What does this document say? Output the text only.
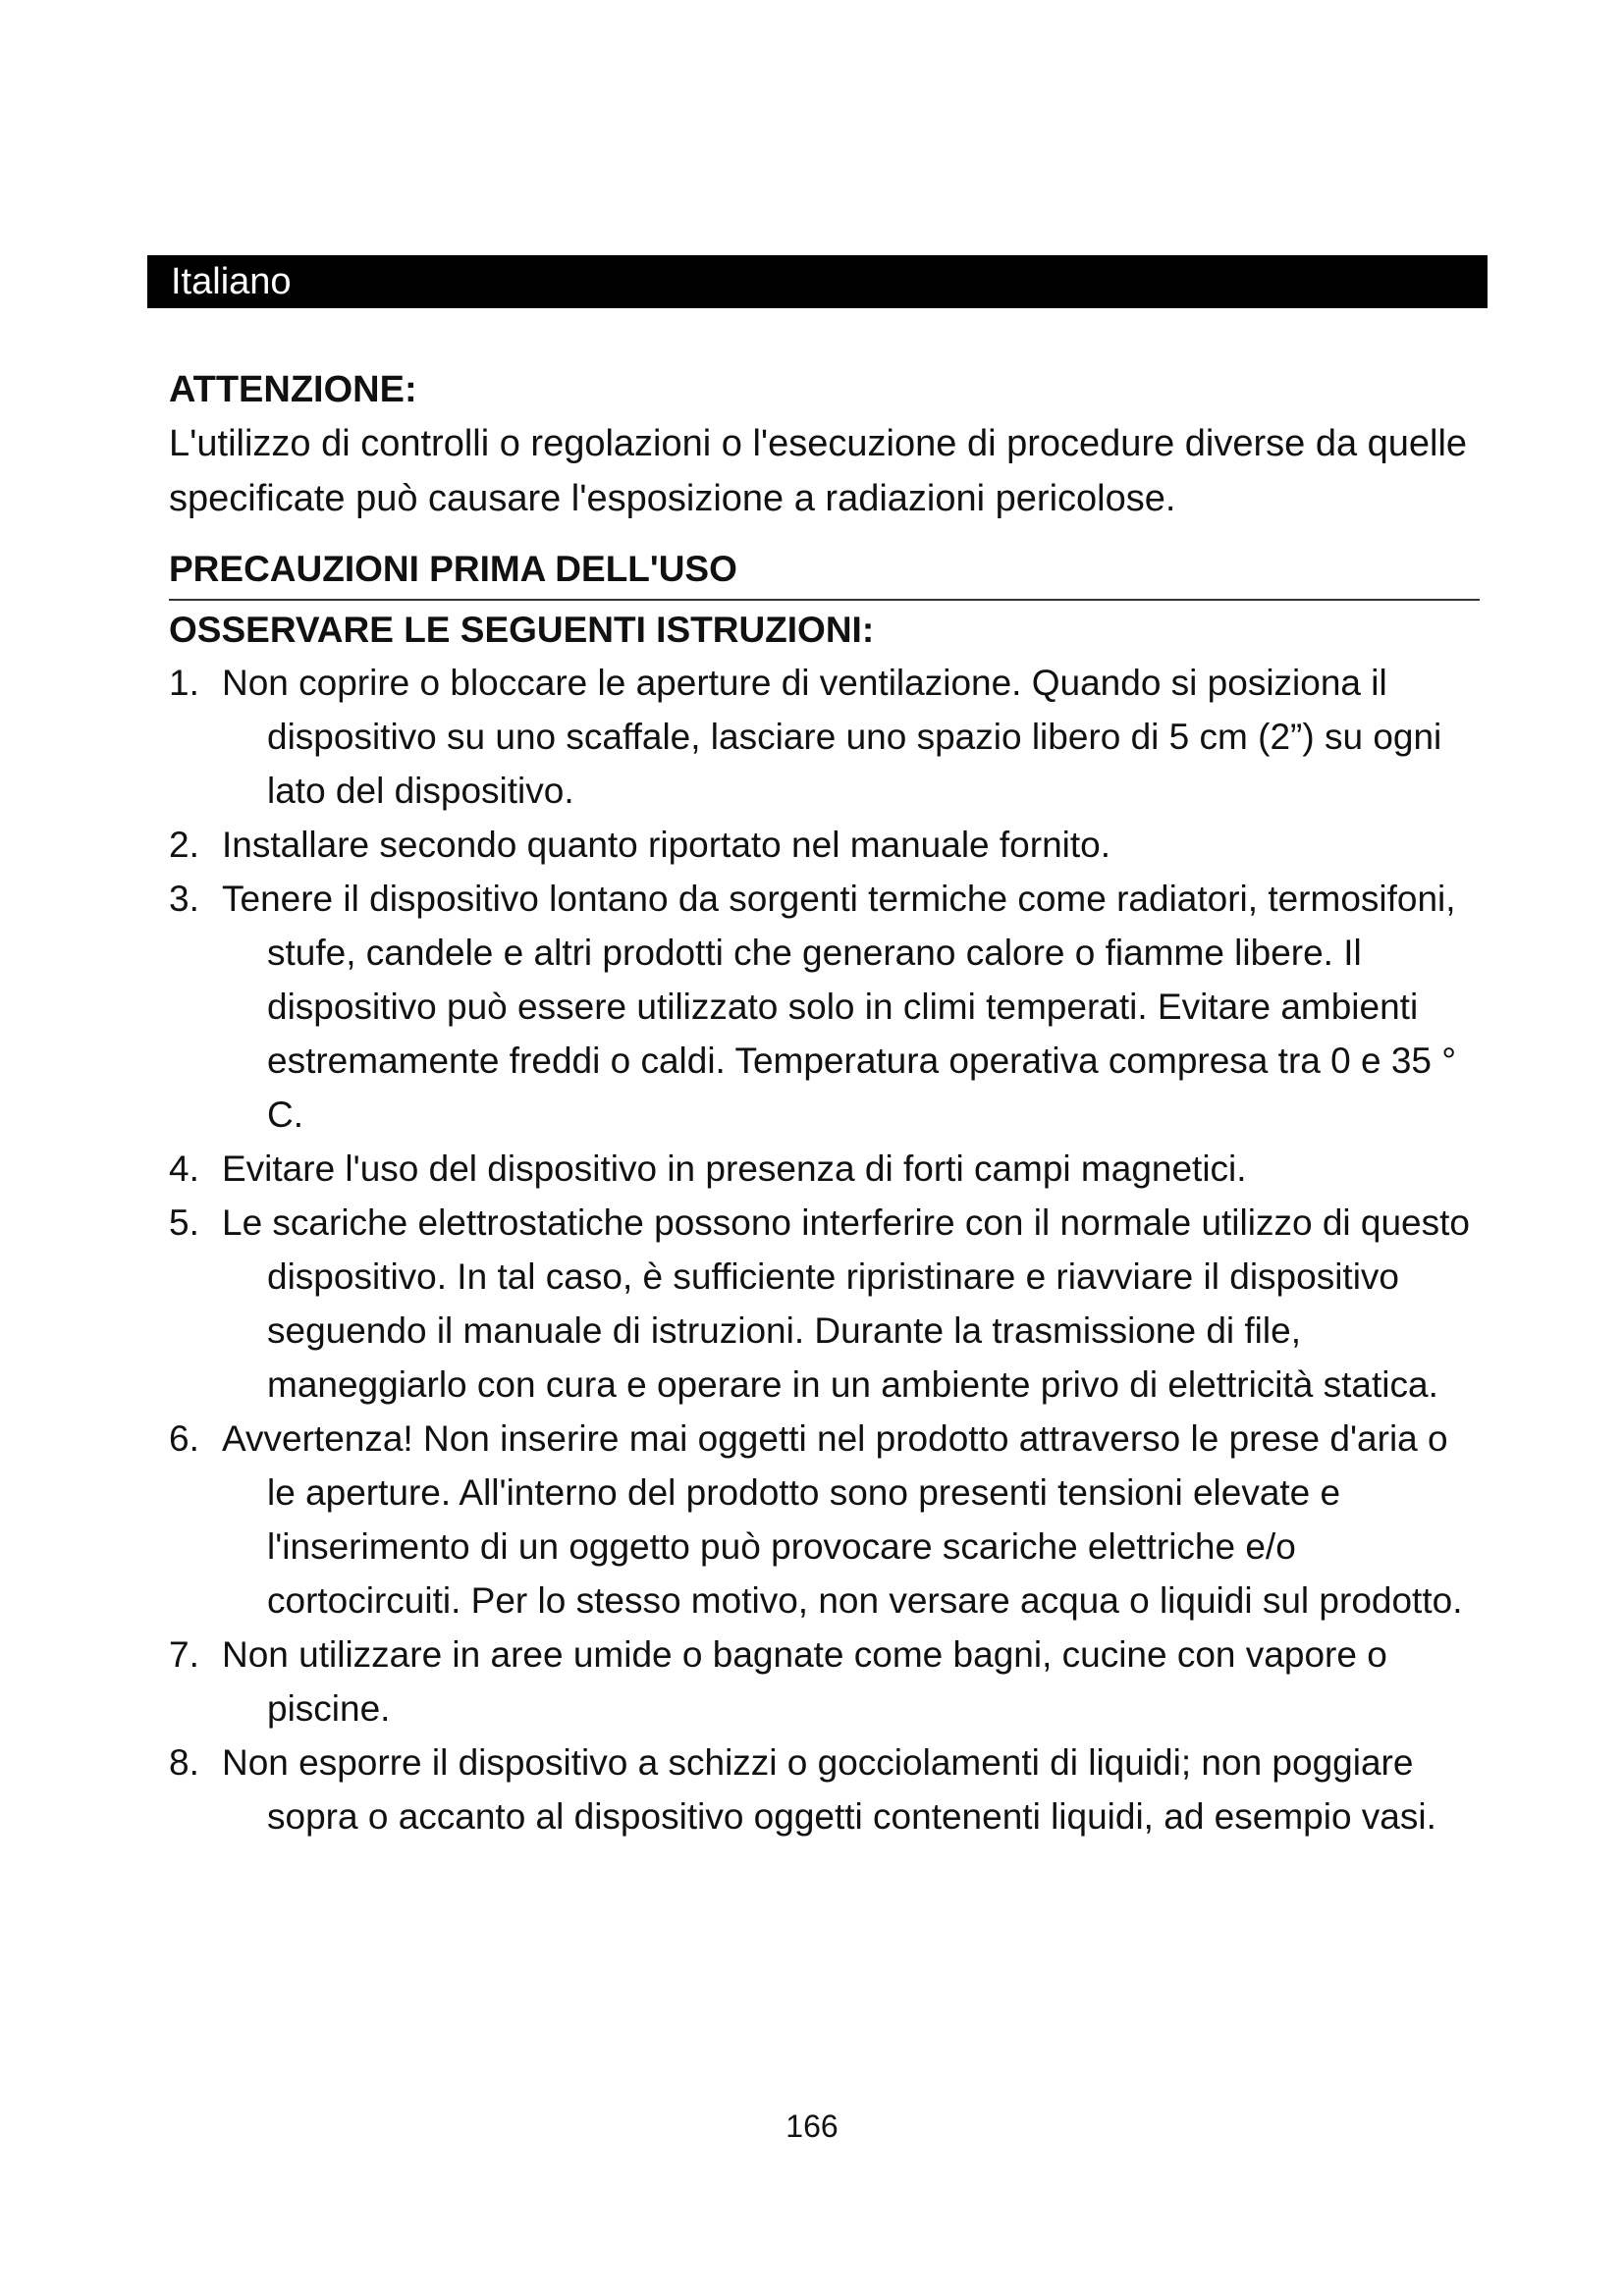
Italiano

ATTENZIONE:

L'utilizzo di controlli o regolazioni o l'esecuzione di procedure diverse da quelle specificate può causare l'esposizione a radiazioni pericolose.

PRECAUZIONI PRIMA DELL'USO
OSSERVARE LE SEGUENTI ISTRUZIONI:
1. Non coprire o bloccare le aperture di ventilazione. Quando si posiziona il dispositivo su uno scaffale, lasciare uno spazio libero di 5 cm (2”) su ogni lato del dispositivo.
2. Installare secondo quanto riportato nel manuale fornito.
3. Tenere il dispositivo lontano da sorgenti termiche come radiatori, termosifoni, stufe, candele e altri prodotti che generano calore o fiamme libere. Il dispositivo può essere utilizzato solo in climi temperati. Evitare ambienti estremamente freddi o caldi. Temperatura operativa compresa tra 0 e 35 ° C.
4. Evitare l'uso del dispositivo in presenza di forti campi magnetici.
5. Le scariche elettrostatiche possono interferire con il normale utilizzo di questo dispositivo. In tal caso, è sufficiente ripristinare e riavviare il dispositivo seguendo il manuale di istruzioni. Durante la trasmissione di file, maneggiarlo con cura e operare in un ambiente privo di elettricità statica.
6. Avvertenza! Non inserire mai oggetti nel prodotto attraverso le prese d'aria o le aperture. All'interno del prodotto sono presenti tensioni elevate e l'inserimento di un oggetto può provocare scariche elettriche e/o cortocircuiti. Per lo stesso motivo, non versare acqua o liquidi sul prodotto.
7. Non utilizzare in aree umide o bagnate come bagni, cucine con vapore o piscine.
8. Non esporre il dispositivo a schizzi o gocciolamenti di liquidi; non poggiare sopra o accanto al dispositivo oggetti contenenti liquidi, ad esempio vasi.
166
